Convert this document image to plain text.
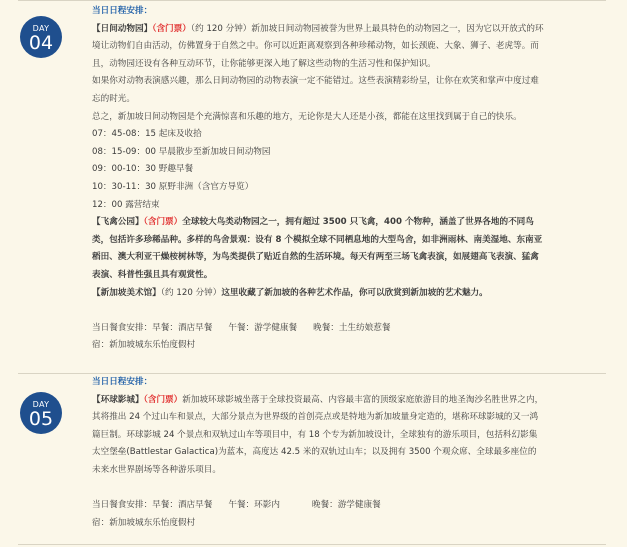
DAY
04

当日日程安排：

【日间动物园】（含门票）（约 120 分钟）新加坡日间动物园被誉为世界上最具特色的动物园之一，因为它以开放式的环境让动物们自由活动，仿佛置身于自然之中。你可以近距离观察到各种珍稀动物，如长颈鹿、大象、狮子、老虎等。而且，动物园还设有各种互动环节，让你能够更深入地了解这些动物的生活习性和保护知识。

如果你对动物表演感兴趣，那么日间动物园的动物表演一定不能错过。这些表演精彩纷呈，让你在欢笑和掌声中度过难忘的时光。

总之，新加坡日间动物园是个充满惊喜和乐趣的地方，无论你是大人还是小孩，都能在这里找到属于自己的快乐。

07：45-08：15 起床及收拾

08：15-09：00 早晨散步至新加坡日间动物园

09：00-10：30 野趣早餐

10：30-11：30 原野非洲（含官方导览）

12：00 露营结束

【飞禽公园】（含门票）全球较大鸟类动物园之一，拥有超过 3500 只飞禽，400 个物种，涵盖了世界各地的不同鸟类，包括许多珍稀品种。多样的鸟舍景观：设有 8 个模拟全球不同栖息地的大型鸟舍，如非洲雨林、南美湿地、东南亚稻田、澳大利亚干燥桉树林等，为鸟类提供了贴近自然的生活环境。每天有两至三场飞禽表演，如展翅高飞表演、猛禽表演、科普性强且具有观赏性。

【新加坡美术馆】（约 120 分钟）这里收藏了新加坡的各种艺术作品，你可以欣赏到新加坡的艺术魅力。

当日餐食安排：早餐：酒店早餐 午餐：游学健康餐 晚餐：土生纺娘惹餐

宿：新加坡城东乐怡度假村

DAY
05

当日日程安排：

【环球影城】（含门票）新加坡环球影城坐落于全球投资最高、内容最丰富的顶级家庭旅游目的地圣淘沙名胜世界之内，其将推出 24 个过山车和景点，大部分景点为世界级的首创亮点或是特地为新加坡量身定造的，堪称环球影城的又一鸿篇巨制。环球影城 24 个景点和双轨过山车等项目中，有 18 个专为新加坡设计，全球独有的游乐项目，包括科幻影集太空堡垒(Battlestar Galactica)为蓝本，高度达 42.5 米的双轨过山车；以及拥有 3500 个观众席、全球最多座位的未来水世界剧场等各种游乐项目。

当日餐食安排：早餐：酒店早餐 午餐：环影内	晚餐：游学健康餐

宿：新加坡城东乐怡度假村
